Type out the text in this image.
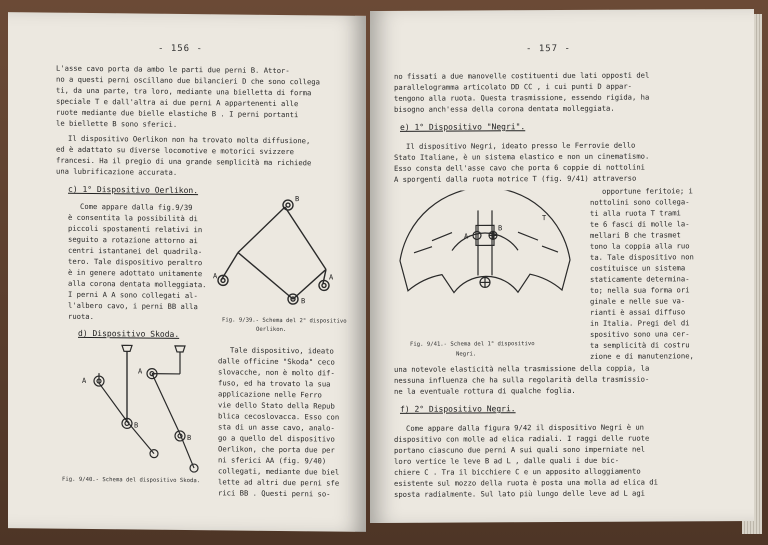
- 156 -
L'asse cavo porta da ambo le parti due perni B. Attor-
no a questi perni oscillano due bilancieri D che sono collega
ti, da una parte, tra loro, mediante una bielletta di forma
speciale T e dall'altra ai due perni A appartenenti alle
ruote mediante due bielle elastiche B . I perni portanti
le biellette B sono sferici.
Il dispositivo Oerlikon non ha trovato molta diffusione,
ed è adattato su diverse locomotive e motorici svizzere
francesi. Ha il pregio di una grande semplicità ma richiede
una lubrificazione accurata.
c) 1° Dispositivo Oerlikon.
Come appare dalla fig.9/39
è consentita la possibilità di
piccoli spostamenti relativi in
seguito a rotazione attorno ai
centri istantanei del quadrila-
tero. Tale dispositivo peraltro
è in genere adottato unitamente
alla corona dentata molleggiata.
I perni A A sono collegati al-
l'albero cavo, i perni BB alla
ruota.
A
B
A
B
Fig. 9/39.- Schema del 2° dispositivo
Oerlikon.
d) Dispositivo Skoda.
A
B
A
B
Fig. 9/40.- Schema del dispositivo Skoda.
Tale dispositivo, ideato
dalle officine "Skoda" ceco
slovacche, non è molto dif-
fuso, ed ha trovato la sua
applicazione nelle Ferro
vie dello Stato della Repub
blica cecoslovacca. Esso con
sta di un asse cavo, analo-
go a quello del dispositivo
Oerlikon, che porta due per
ni sferici AA (fig. 9/40)
collegati, mediante due biel
lette ad altri due perni sfe
rici BB . Questi perni so-
- 157 -
no fissati a due manovelle costituenti due lati opposti del
parallelogramma articolato DD CC , i cui punti D appar-
tengono alla ruota. Questa trasmissione, essendo rigida, ha
bisogno anch'essa della corona dentata molleggiata.
e) 1° Dispositivo "Negri".
Il dispositivo Negri, ideato presso le Ferrovie dello
Stato Italiane, è un sistema elastico e non un cinematismo.
Esso consta dell'asse cavo che porta 6 coppie di nottolini
A sporgenti dalla ruota motrice T (fig. 9/41) attraverso
A
B
T
Fig. 9/41.- Schema del 1° dispositivo
Negri.
opportune feritoie; i
nottolini sono collega-
ti alla ruota T trami
te 6 fasci di molle la-
mellari B che trasmet
tono la coppia alla ruo
ta. Tale dispositivo non
costituisce un sistema
staticamente determina-
to; nella sua forma ori
ginale e nelle sue va-
rianti è assai diffuso
in Italia. Pregi del di
spositivo sono una cer-
ta semplicità di costru
zione e di manutenzione,
una notevole elasticità nella trasmissione della coppia, la
nessuna influenza che ha sulla regolarità della trasmissio-
ne la eventuale rottura di qualche foglia.
f) 2° Dispositivo Negri.
Come appare dalla figura 9/42 il dispositivo Negri è un
dispositivo con molle ad elica radiali. I raggi delle ruote
portano ciascuno due perni A sui quali sono imperniate nel
loro vertice le leve B ad L , dalle quali i due bic-
chiere C . Tra il bicchiere C e un apposito alloggiamento
esistente sul mozzo della ruota è posta una molla ad elica di
sposta radialmente. Sul lato più lungo delle leve ad L agi
